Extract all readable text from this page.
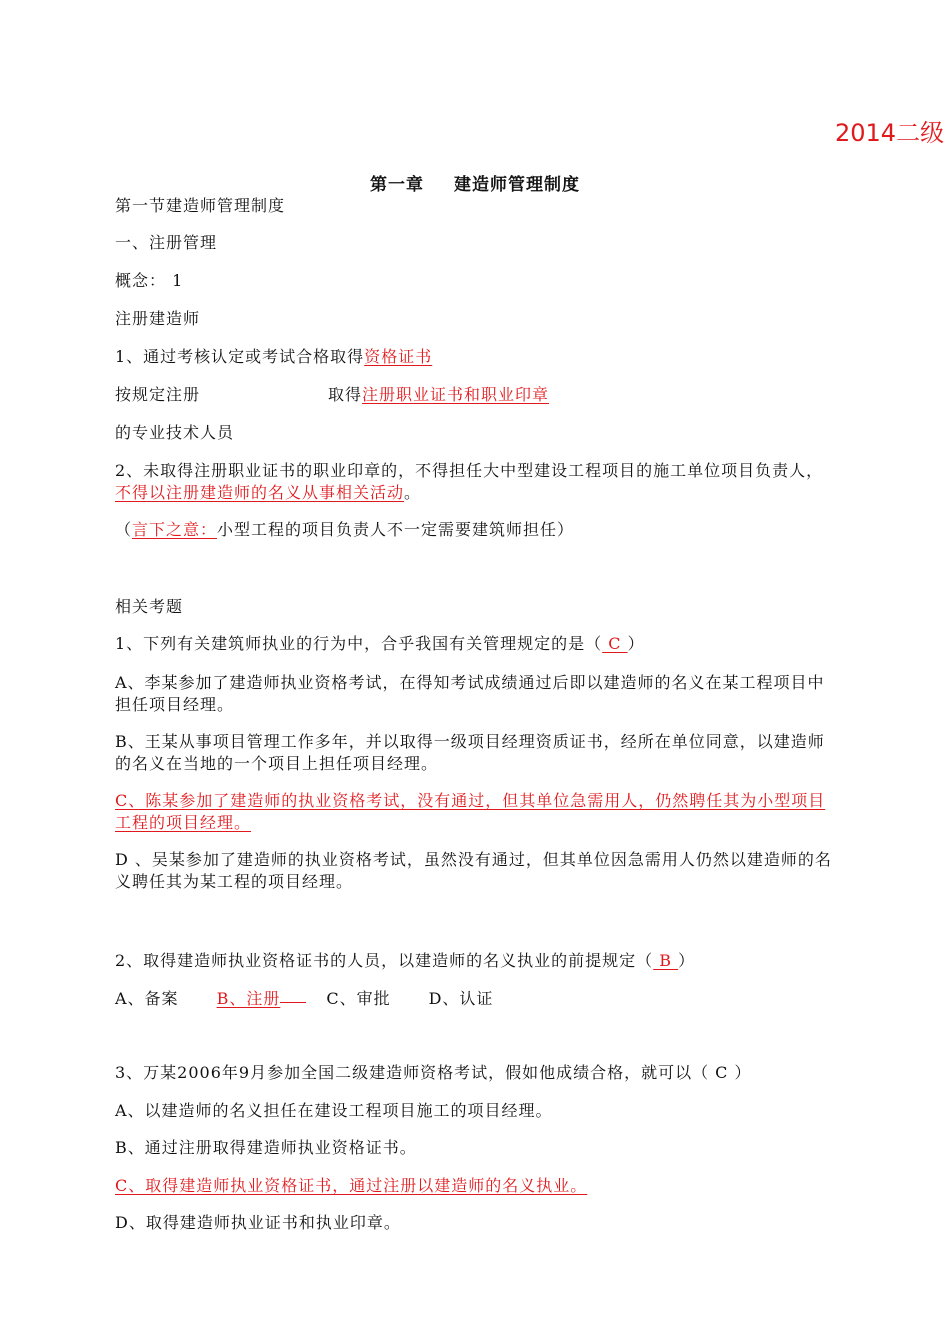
2014二级
第一章 建造师管理制度
第一节建造师管理制度
一、注册管理
概念： 1
注册建造师
1、通过考核认定或考试合格取得资格证书
按规定注册	取得注册职业证书和职业印章
的专业技术人员
2、未取得注册职业证书的职业印章的，不得担任大中型建设工程项目的施工单位项目负责人，不得以注册建造师的名义从事相关活动。
（言下之意：小型工程的项目负责人不一定需要建筑师担任）
相关考题
1、下列有关建筑师执业的行为中，合乎我国有关管理规定的是（ C ）
A、李某参加了建造师执业资格考试，在得知考试成绩通过后即以建造师的名义在某工程项目中担任项目经理。
B、王某从事项目管理工作多年，并以取得一级项目经理资质证书，经所在单位同意，以建造师的名义在当地的一个项目上担任项目经理。
C、陈某参加了建造师的执业资格考试，没有通过，但其单位急需用人，仍然聘任其为小型项目工程的项目经理。
D 、吴某参加了建造师的执业资格考试，虽然没有通过，但其单位因急需用人仍然以建造师的名义聘任其为某工程的项目经理。
2、取得建造师执业资格证书的人员，以建造师的名义执业的前提规定（ B ）
A、备案 B、注册	C、审批 D、认证
3、万某2006年9月参加全国二级建造师资格考试，假如他成绩合格，就可以（ C ）
A、以建造师的名义担任在建设工程项目施工的项目经理。
B、通过注册取得建造师执业资格证书。
C、取得建造师执业资格证书，通过注册以建造师的名义执业。
D、取得建造师执业证书和执业印章。
